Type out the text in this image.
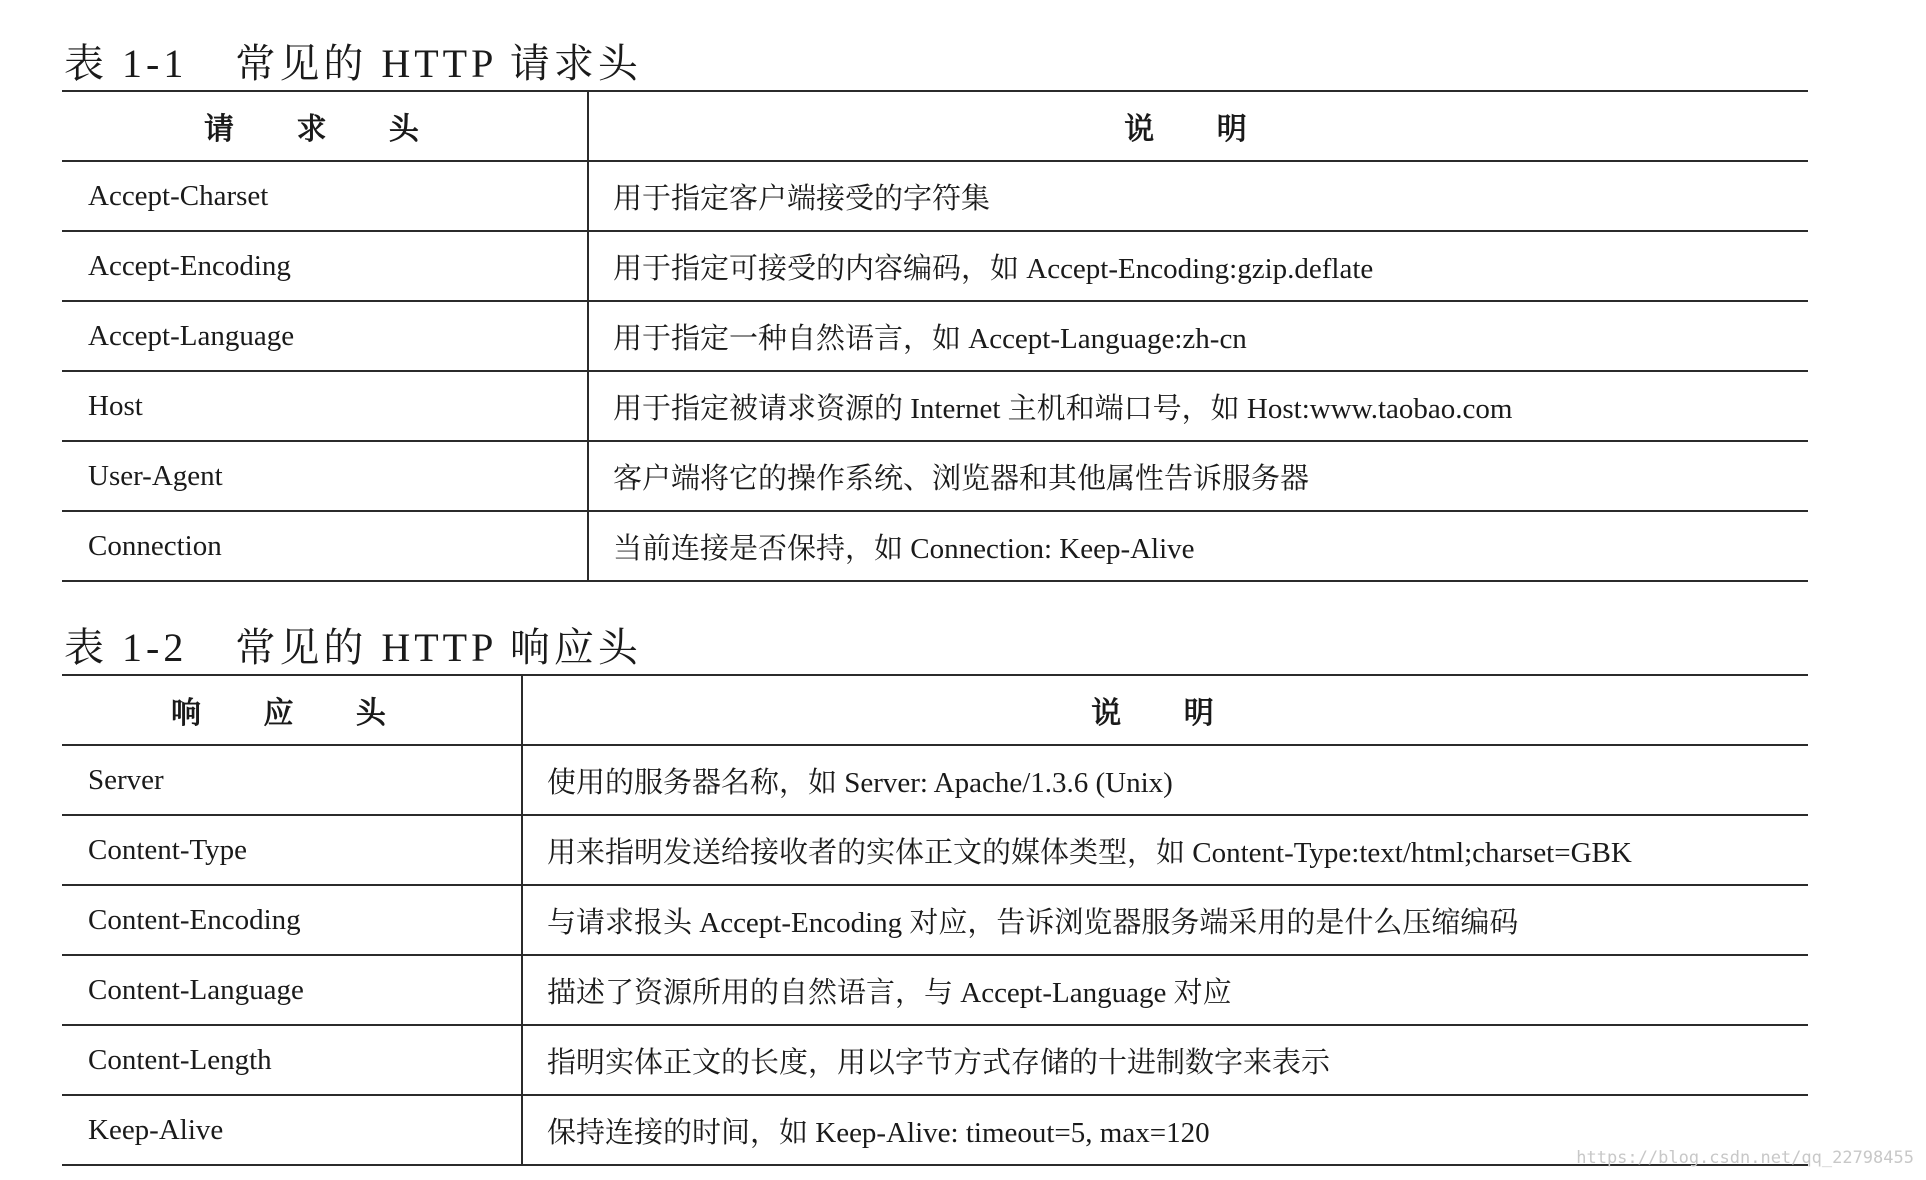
表 1-1 常见的 HTTP 请求头
请 求 头	说 明
Accept-Charset	用于指定客户端接受的字符集
Accept-Encoding	用于指定可接受的内容编码，如 Accept-Encoding:gzip.deflate
Accept-Language	用于指定一种自然语言，如 Accept-Language:zh-cn
Host	用于指定被请求资源的 Internet 主机和端口号，如 Host:www.taobao.com
User-Agent	客户端将它的操作系统、浏览器和其他属性告诉服务器
Connection	当前连接是否保持，如 Connection: Keep-Alive
表 1-2 常见的 HTTP 响应头
响 应 头	说 明
Server	使用的服务器名称，如 Server: Apache/1.3.6 (Unix)
Content-Type	用来指明发送给接收者的实体正文的媒体类型，如 Content-Type:text/html;charset=GBK
Content-Encoding	与请求报头 Accept-Encoding 对应，告诉浏览器服务端采用的是什么压缩编码
Content-Language	描述了资源所用的自然语言，与 Accept-Language 对应
Content-Length	指明实体正文的长度，用以字节方式存储的十进制数字来表示
Keep-Alive	保持连接的时间，如 Keep-Alive: timeout=5, max=120
https://blog.csdn.net/qq_22798455
